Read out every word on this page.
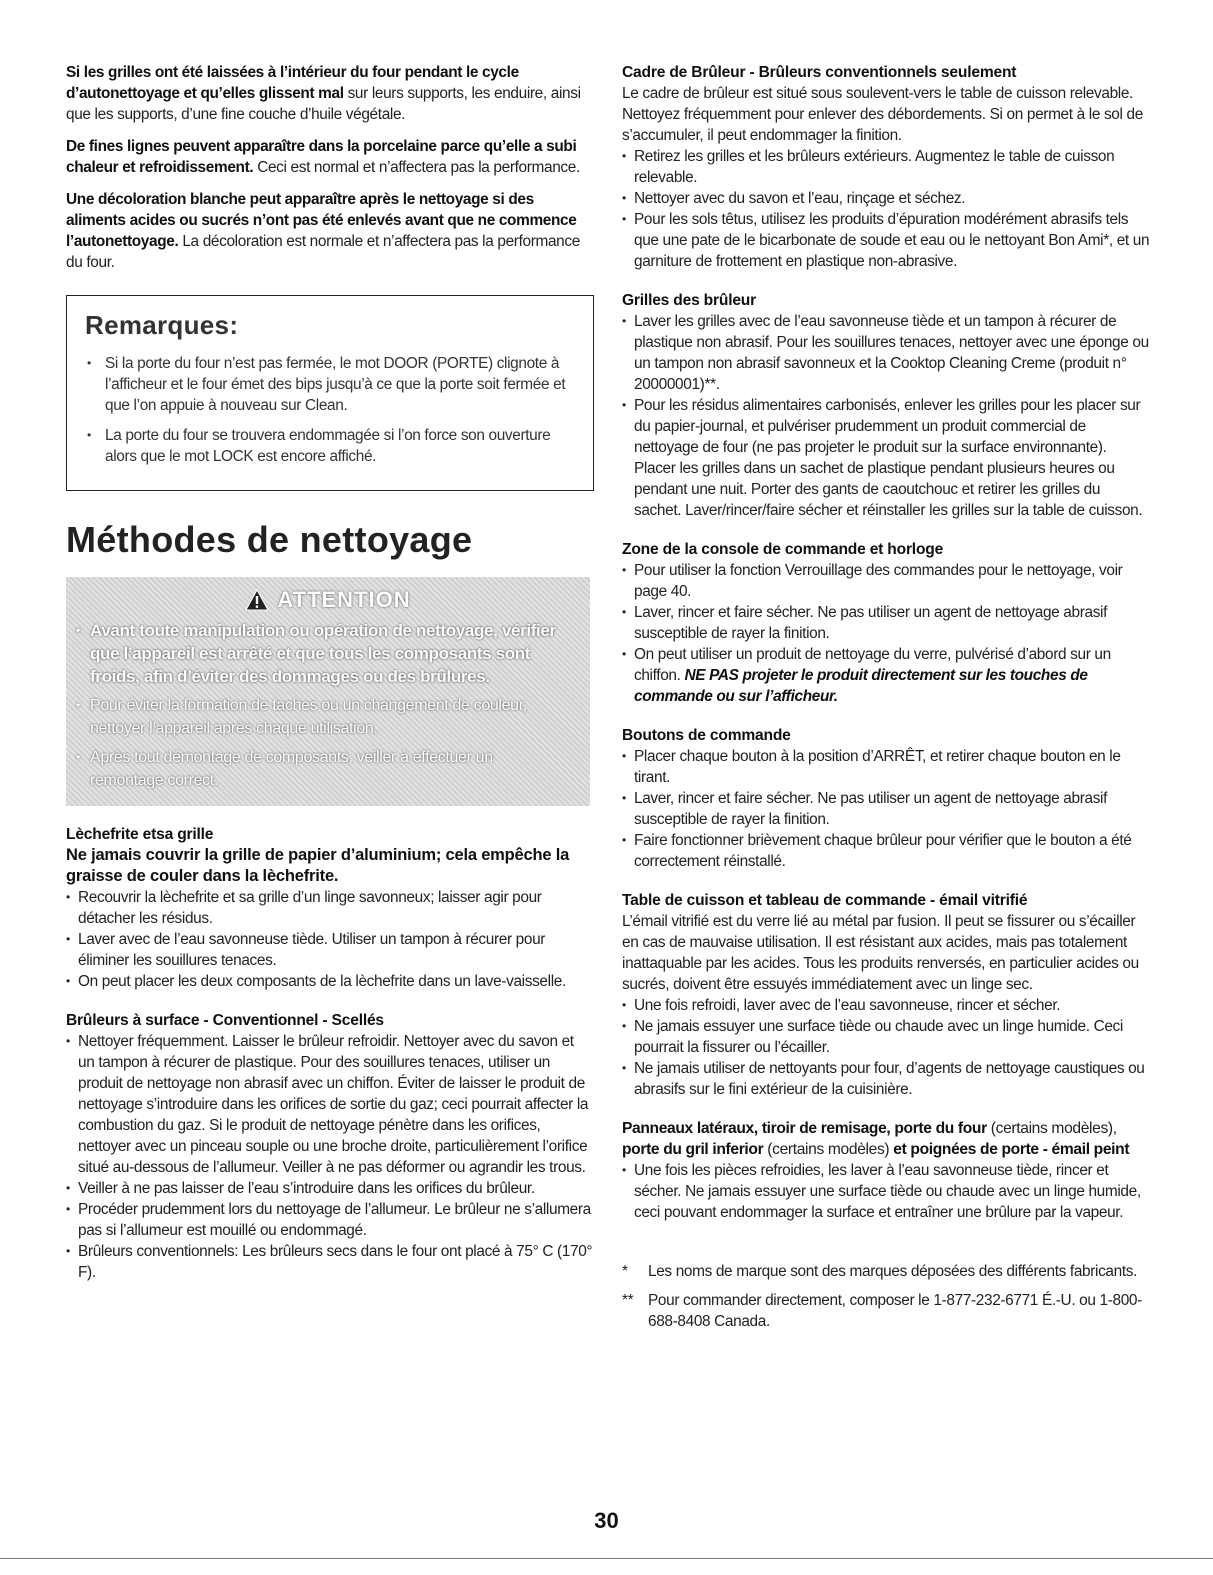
Si les grilles ont été laissées à l’intérieur du four pendant le cycle d’autonettoyage et qu’elles glissent mal sur leurs supports, les enduire, ainsi que les supports, d’une fine couche d’huile végétale.

De fines lignes peuvent apparaître dans la porcelaine parce qu’elle a subi chaleur et refroidissement. Ceci est normal et n’affectera pas la performance.

Une décoloration blanche peut apparaître après le nettoyage si des aliments acides ou sucrés n’ont pas été enlevés avant que ne commence l’autonettoyage. La décoloration est normale et n’affectera pas la performance du four.

Remarques:
• Si la porte du four n’est pas fermée, le mot DOOR (PORTE) clignote à l’afficheur et le four émet des bips jusqu’à ce que la porte soit fermée et que l’on appuie à nouveau sur Clean.
• La porte du four se trouvera endommagée si l’on force son ouverture alors que le mot LOCK est encore affiché.
Méthodes de nettoyage
ATTENTION
• Avant toute manipulation ou opération de nettoyage, vérifier que l’appareil est arrêté et que tous les composants sont froids, afin d’éviter des dommages ou des brûlures.
• Pour éviter la formation de taches ou un changement de couleur, nettoyer l’appareil après chaque utilisation.
• Après tout démontage de composants, veiller à effectuer un remontage correct.

Lèchefrite etsa grille

Ne jamais couvrir la grille de papier d’aluminium; cela empêche la graisse de couler dans la lèchefrite.

• Recouvrir la lèchefrite et sa grille d’un linge savonneux; laisser agir pour détacher les résidus.
• Laver avec de l’eau savonneuse tiède. Utiliser un tampon à récurer pour éliminer les souillures tenaces.
• On peut placer les deux composants de la lèchefrite dans un lave-vaisselle.

Brûleurs à surface - Conventionnel - Scellés

• Nettoyer fréquemment. Laisser le brûleur refroidir. Nettoyer avec du savon et un tampon à récurer de plastique. Pour des souillures tenaces, utiliser un produit de nettoyage non abrasif avec un chiffon. Éviter de laisser le produit de nettoyage s’introduire dans les orifices de sortie du gaz; ceci pourrait affecter la combustion du gaz. Si le produit de nettoyage pénètre dans les orifices, nettoyer avec un pinceau souple ou une broche droite, particulièrement l’orifice situé au-dessous de l’allumeur. Veiller à ne pas déformer ou agrandir les trous.
• Veiller à ne pas laisser de l’eau s’introduire dans les orifices du brûleur.
• Procéder prudemment lors du nettoyage de l’allumeur. Le brûleur ne s’allumera pas si l’allumeur est mouillé ou endommagé.
• Brûleurs conventionnels: Les brûleurs secs dans le four ont placé à 75° C (170° F).

Cadre de Brûleur - Brûleurs conventionnels seulement

Le cadre de brûleur est situé sous soulevent-vers le table de cuisson relevable. Nettoyez fréquemment pour enlever des débordements. Si on permet à le sol de s’accumuler, il peut endommager la finition.

• Retirez les grilles et les brûleurs extérieurs. Augmentez le table de cuisson relevable.
• Nettoyer avec du savon et l’eau, rinçage et séchez.
• Pour les sols têtus, utilisez les produits d’épuration modérément abrasifs tels que une pate de le bicarbonate de soude et eau ou le nettoyant Bon Ami*, et un garniture de frottement en plastique non-abrasive.

Grilles des brûleur

• Laver les grilles avec de l’eau savonneuse tiède et un tampon à récurer de plastique non abrasif. Pour les souillures tenaces, nettoyer avec une éponge ou un tampon non abrasif savonneux et la Cooktop Cleaning Creme (produit n° 20000001)**.
• Pour les résidus alimentaires carbonisés, enlever les grilles pour les placer sur du papier-journal, et pulvériser prudemment un produit commercial de nettoyage de four (ne pas projeter le produit sur la surface environnante). Placer les grilles dans un sachet de plastique pendant plusieurs heures ou pendant une nuit. Porter des gants de caoutchouc et retirer les grilles du sachet. Laver/rincer/faire sécher et réinstaller les grilles sur la table de cuisson.

Zone de la console de commande et horloge

• Pour utiliser la fonction Verrouillage des commandes pour le nettoyage, voir page 40.
• Laver, rincer et faire sécher. Ne pas utiliser un agent de nettoyage abrasif susceptible de rayer la finition.
• On peut utiliser un produit de nettoyage du verre, pulvérisé d’abord sur un chiffon. NE PAS projeter le produit directement sur les touches de commande ou sur l’afficheur.

Boutons de commande

• Placer chaque bouton à la position d’ARRÊT, et retirer chaque bouton en le tirant.
• Laver, rincer et faire sécher. Ne pas utiliser un agent de nettoyage abrasif susceptible de rayer la finition.
• Faire fonctionner brièvement chaque brûleur pour vérifier que le bouton a été correctement réinstallé.

Table de cuisson et tableau de commande - émail vitrifié

L’émail vitrifié est du verre lié au métal par fusion. Il peut se fissurer ou s’écailler en cas de mauvaise utilisation. Il est résistant aux acides, mais pas totalement inattaquable par les acides. Tous les produits renversés, en particulier acides ou sucrés, doivent être essuyés immédiatement avec un linge sec.

• Une fois refroidi, laver avec de l’eau savonneuse, rincer et sécher.
• Ne jamais essuyer une surface tiède ou chaude avec un linge humide. Ceci pourrait la fissurer ou l’écailler.
• Ne jamais utiliser de nettoyants pour four, d’agents de nettoyage caustiques ou abrasifs sur le fini extérieur de la cuisinière.

Panneaux latéraux, tiroir de remisage, porte du four (certains modèles), porte du gril inferior (certains modèles) et poignées de porte - émail peint

• Une fois les pièces refroidies, les laver à l’eau savonneuse tiède, rincer et sécher. Ne jamais essuyer une surface tiède ou chaude avec un linge humide, ceci pouvant endommager la surface et entraîner une brûlure par la vapeur.
* Les noms de marque sont des marques déposées des différents fabricants.
** Pour commander directement, composer le 1-877-232-6771 É.-U. ou 1-800-688-8408 Canada.
30
